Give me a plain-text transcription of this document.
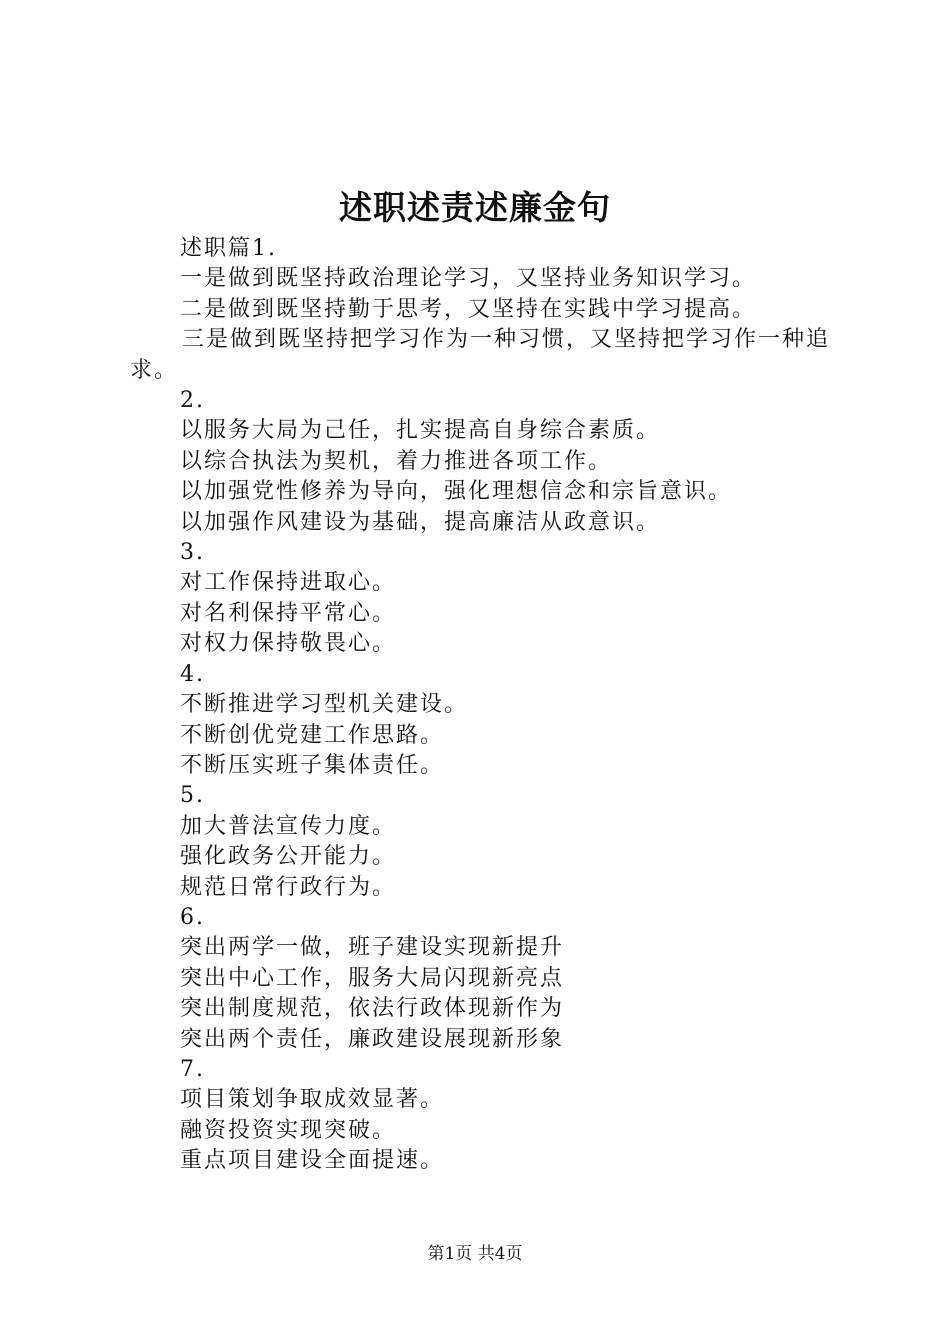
述职述责述廉金句
述职篇1.
一是做到既坚持政治理论学习，又坚持业务知识学习。
二是做到既坚持勤于思考，又坚持在实践中学习提高。
三是做到既坚持把学习作为一种习惯，又坚持把学习作一种追求。
2.
以服务大局为己任，扎实提高自身综合素质。
以综合执法为契机，着力推进各项工作。
以加强党性修养为导向，强化理想信念和宗旨意识。
以加强作风建设为基础，提高廉洁从政意识。
3.
对工作保持进取心。
对名利保持平常心。
对权力保持敬畏心。
4.
不断推进学习型机关建设。
不断创优党建工作思路。
不断压实班子集体责任。
5.
加大普法宣传力度。
强化政务公开能力。
规范日常行政行为。
6.
突出两学一做，班子建设实现新提升
突出中心工作，服务大局闪现新亮点
突出制度规范，依法行政体现新作为
突出两个责任，廉政建设展现新形象
7.
项目策划争取成效显著。
融资投资实现突破。
重点项目建设全面提速。
第1页 共4页
